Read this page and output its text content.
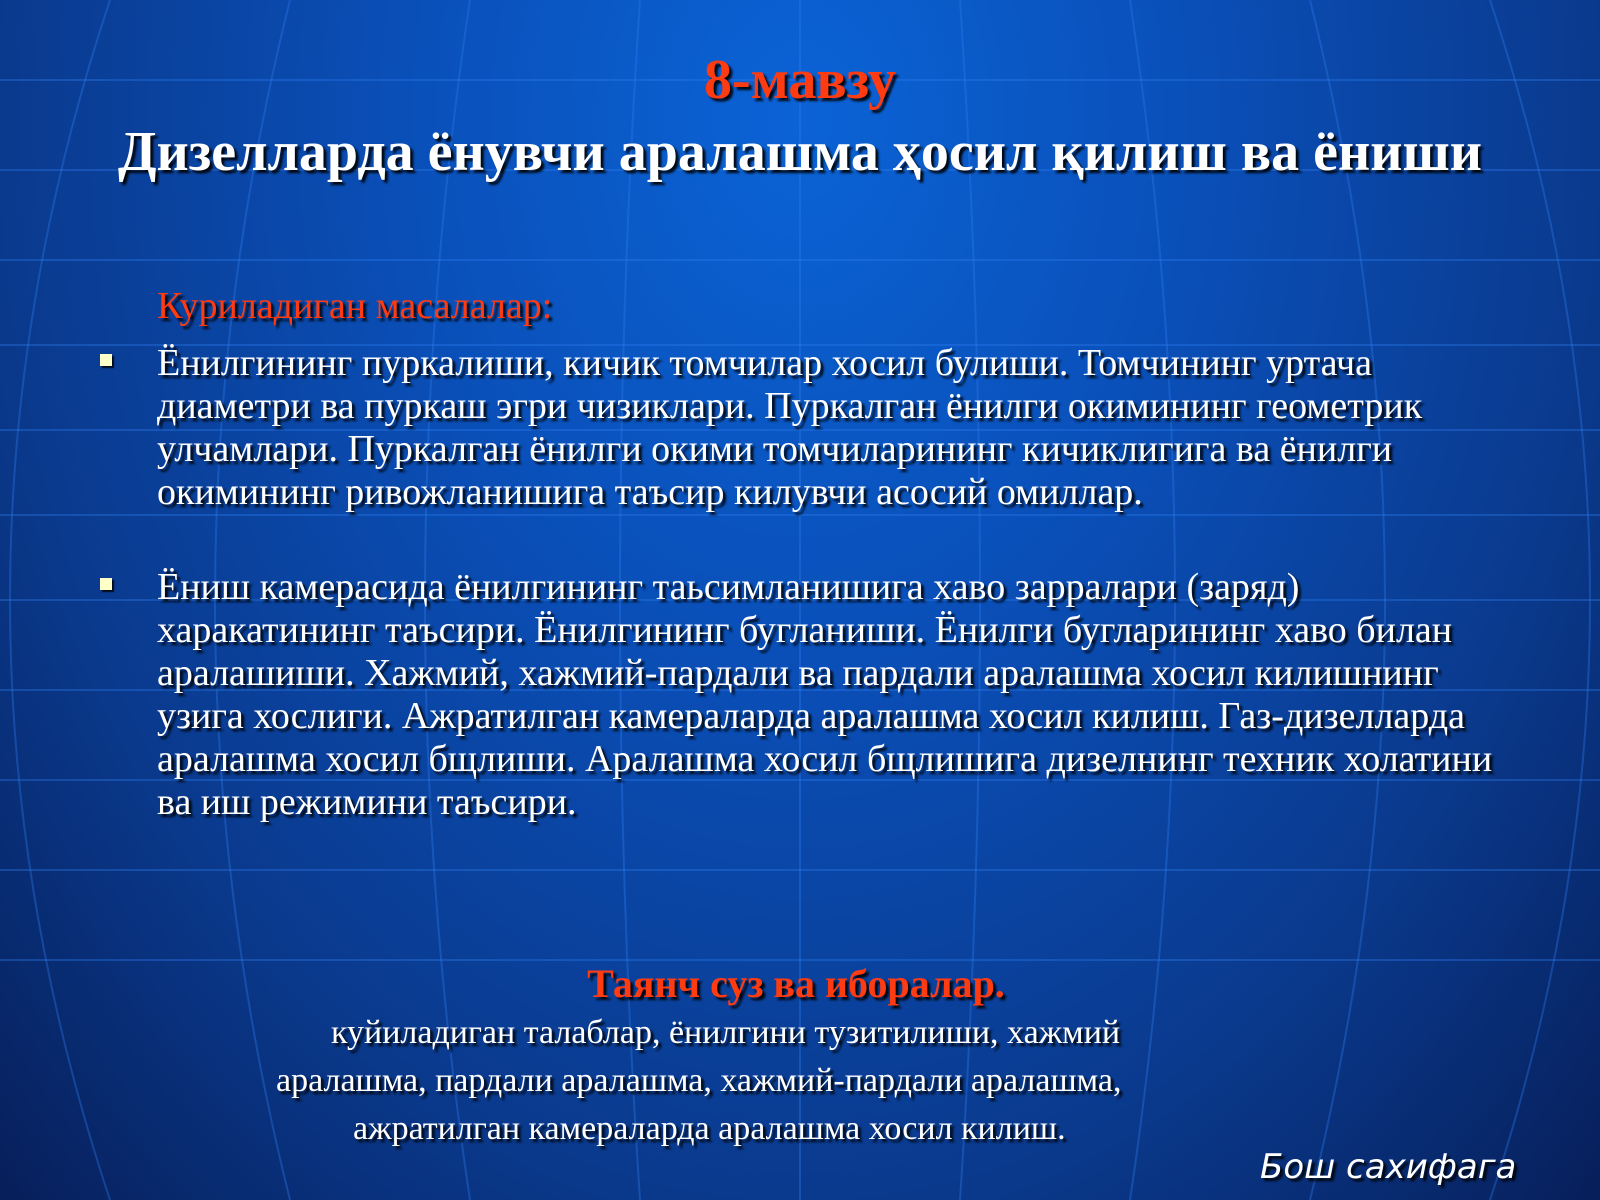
8-мавзу
Дизелларда ёнувчи аралашма ҳосил қилиш ва ёниши
Куриладиган масалалар:
Ёнилгининг пуркалиши, кичик томчилар хосил булиши. Томчининг уртача диаметри ва пуркаш эгри чизиклари. Пуркалган ёнилги окимининг геометрик улчамлари. Пуркалган ёнилги окими томчиларининг кичиклигига ва ёнилги окимининг ривожланишига таъсир килувчи асосий омиллар.
Ёниш камерасида ёнилгининг таьсимланишига хаво зарралари (заряд) харакатининг таъсири. Ёнилгининг бугланиши. Ёнилги бугларининг хаво билан аралашиши. Хажмий, хажмий-пардали ва пардали аралашма хосил килишнинг узига хослиги. Ажратилган камераларда аралашма хосил килиш. Газ-дизелларда аралашма хосил бщлиши. Аралашма хосил бщлишига дизелнинг техник холатини ва иш режимини таъсири.
Таянч суз ва иборалар.
куйиладиган талаблар, ёнилгини тузитилиши, хажмий
аралашма, пардали аралашма, хажмий-пардали аралашма,
ажратилган камераларда аралашма хосил килиш.
Бош сахифага
